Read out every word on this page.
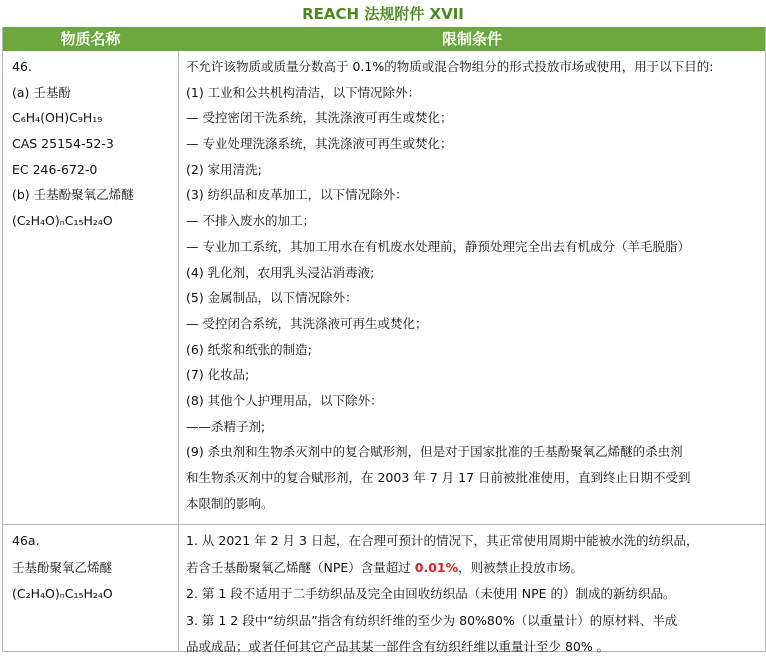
REACH 法规附件 XVII
物质名称	限制条件
46.
(a) 壬基酚
C₆H₄(OH)C₉H₁₉
CAS 25154-52-3
EC 246-672-0
(b) 壬基酚聚氧乙烯醚
(C₂H₄O)ₙC₁₅H₂₄O
不允许该物质或质量分数高于 0.1%的物质或混合物组分的形式投放市场或使用，用于以下目的:
(1) 工业和公共机构清洁，以下情况除外：
— 受控密闭干洗系统，其洗涤液可再生或焚化；
— 专业处理洗涤系统，其洗涤液可再生或焚化；
(2) 家用清洗;
(3) 纺织品和皮革加工，以下情况除外：
— 不排入废水的加工；
— 专业加工系统，其加工用水在有机废水处理前，静预处理完全出去有机成分（羊毛脱脂）
(4) 乳化剂，农用乳头浸沾消毒液;
(5) 金属制品，以下情况除外：
— 受控闭合系统，其洗涤液可再生或焚化；
(6) 纸浆和纸张的制造;
(7) 化妆品;
(8) 其他个人护理用品，以下除外：
——杀精子剂;
(9) 杀虫剂和生物杀灭剂中的复合赋形剂，但是对于国家批准的壬基酚聚氧乙烯醚的杀虫剂
和生物杀灭剂中的复合赋形剂，在 2003 年 7 月 17 日前被批准使用，直到终止日期不受到
本限制的影响。
46a.
壬基酚聚氧乙烯醚
(C₂H₄O)ₙC₁₅H₂₄O
1. 从 2021 年 2 月 3 日起，在合理可预计的情况下，其正常使用周期中能被水洗的纺织品，
若含壬基酚聚氧乙烯醚（NPE）含量超过 0.01%，则被禁止投放市场。
2. 第 1 段不适用于二手纺织品及完全由回收纺织品（未使用 NPE 的）制成的新纺织品。
3. 第 1 2 段中“纺织品”指含有纺织纤维的至少为 80%80%（以重量计）的原材料、半成
品或成品；或者任何其它产品其某一部件含有纺织纤维以重量计至少 80% 。
